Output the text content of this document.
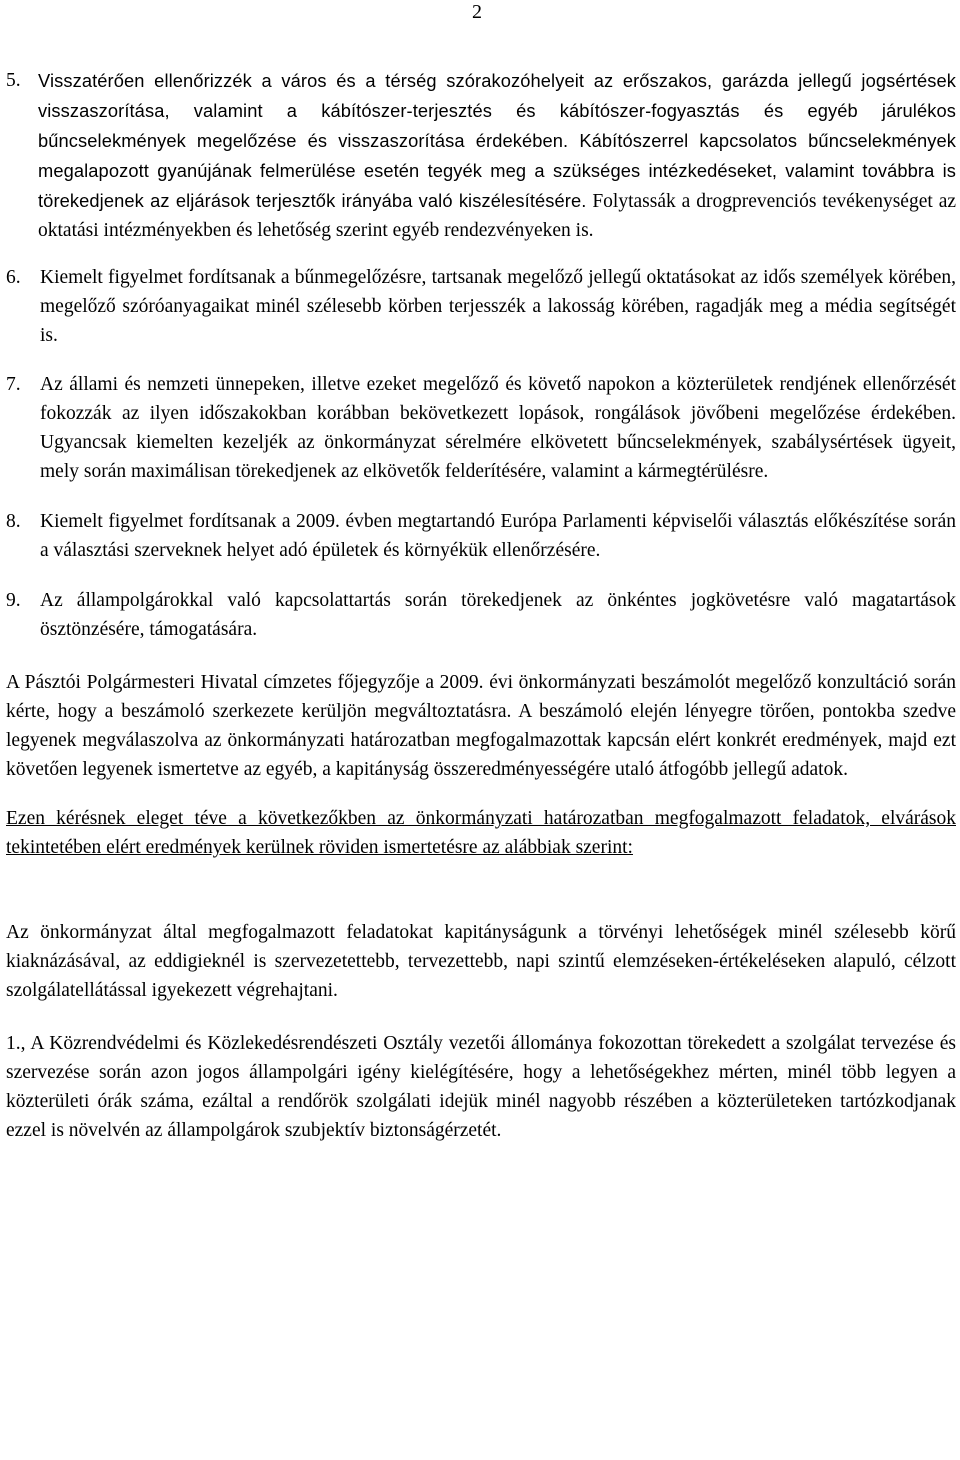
2
5. Visszatérően ellenőrizzék a város és a térség szórakozóhelyeit az erőszakos, garázda jellegű jogsértések visszaszorítása, valamint a kábítószer-terjesztés és kábítószer-fogyasztás és egyéb járulékos bűncselekmények megelőzése és visszaszorítása érdekében. Kábítószerrel kapcsolatos bűncselekmények megalapozott gyanújának felmerülése esetén tegyék meg a szükséges intézkedéseket, valamint továbbra is törekedjenek az eljárások terjesztők irányába való kiszélesítésére. Folytassák a drogprevenciós tevékenységet az oktatási intézményekben és lehetőség szerint egyéb rendezvényeken is.
6. Kiemelt figyelmet fordítsanak a bűnmegelőzésre, tartsanak megelőző jellegű oktatásokat az idős személyek körében, megelőző szóróanyagaikat minél szélesebb körben terjesszék a lakosság körében, ragadják meg a média segítségét is.
7. Az állami és nemzeti ünnepeken, illetve ezeket megelőző és követő napokon a közterületek rendjének ellenőrzését fokozzák az ilyen időszakokban korábban bekövetkezett lopások, rongálások jövőbeni megelőzése érdekében. Ugyancsak kiemelten kezeljék az önkormányzat sérelmére elkövetett bűncselekmények, szabálysértések ügyeit, mely során maximálisan törekedjenek az elkövetők felderítésére, valamint a kármegtérülésre.
8. Kiemelt figyelmet fordítsanak a 2009. évben megtartandó Európa Parlamenti képviselői választás előkészítése során a választási szerveknek helyet adó épületek és környékük ellenőrzésére.
9. Az állampolgárokkal való kapcsolattartás során törekedjenek az önkéntes jogkövetésre való magatartások ösztönzésére, támogatására.

A Pásztói Polgármesteri Hivatal címzetes főjegyzője a 2009. évi önkormányzati beszámolót megelőző konzultáció során kérte, hogy a beszámoló szerkezete kerüljön megváltoztatásra. A beszámoló elején lényegre törően, pontokba szedve legyenek megválaszolva az önkormányzati határozatban megfogalmazottak kapcsán elért konkrét eredmények, majd ezt követően legyenek ismertetve az egyéb, a kapitányság összeredményességére utaló átfogóbb jellegű adatok.

Ezen kérésnek eleget téve a következőkben az önkormányzati határozatban megfogalmazott feladatok, elvárások tekintetében elért eredmények kerülnek röviden ismertetésre az alábbiak szerint:

Az önkormányzat által megfogalmazott feladatokat kapitányságunk a törvényi lehetőségek minél szélesebb körű kiaknázásával, az eddigieknél is szervezetettebb, tervezettebb, napi szintű elemzéseken-értékeléseken alapuló, célzott szolgálatellátással igyekezett végrehajtani.

1., A Közrendvédelmi és Közlekedésrendészeti Osztály vezetői állománya fokozottan törekedett a szolgálat tervezése és szervezése során azon jogos állampolgári igény kielégítésére, hogy a lehetőségekhez mérten, minél több legyen a közterületi órák száma, ezáltal a rendőrök szolgálati idejük minél nagyobb részében a közterületeken tartózkodjanak ezzel is növelvén az állampolgárok szubjektív biztonságérzetét.
